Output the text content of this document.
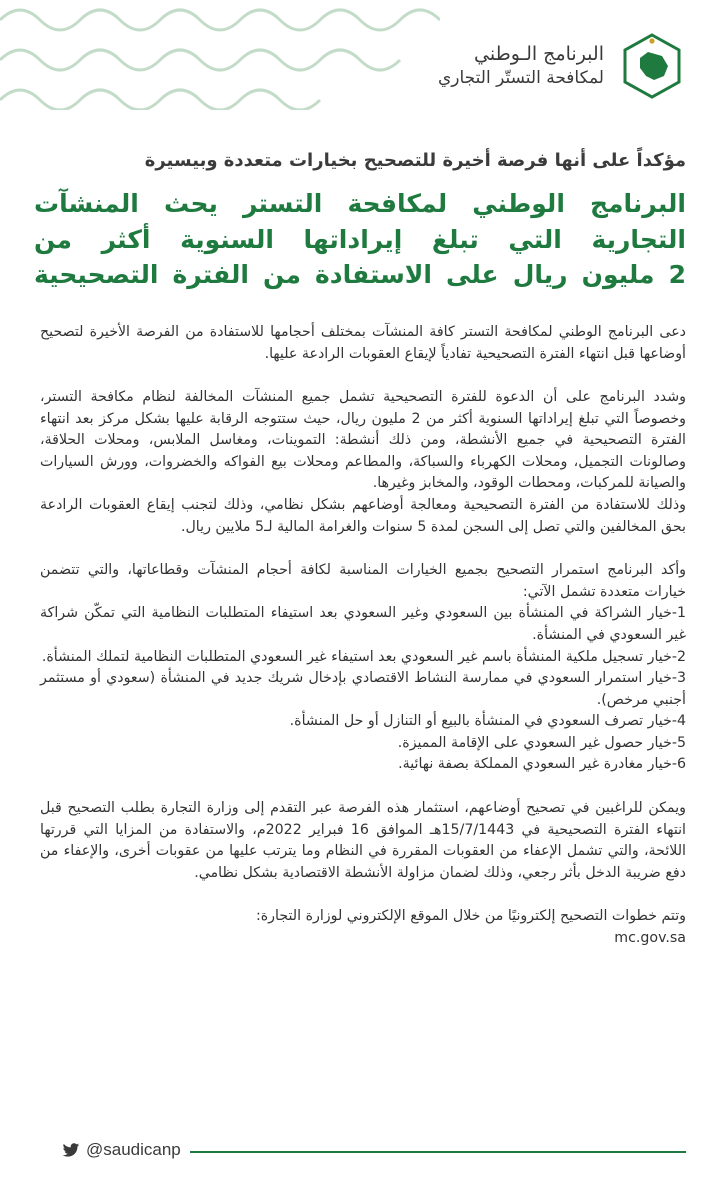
البرنامج الـوطني
لمكافحة التستّر التجاري
مؤكداً على أنها فرصة أخيرة للتصحيح بخيارات متعددة وبيسيرة
البرنامج الوطني لمكافحة التستر يحث المنشآت
التجارية التي تبلغ إيراداتها السنوية أكثر من
2 مليون ريال على الاستفادة من الفترة التصحيحية

دعى البرنامج الوطني لمكافحة التستر كافة المنشآت بمختلف أحجامها للاستفادة من الفرصة الأخيرة لتصحيح أوضاعها قبل انتهاء الفترة التصحيحية تفادياً لإيقاع العقوبات الرادعة عليها.

وشدد البرنامج على أن الدعوة للفترة التصحيحية تشمل جميع المنشآت المخالفة لنظام مكافحة التستر، وخصوصاً التي تبلغ إيراداتها السنوية أكثر من 2 مليون ريال، حيث ستتوجه الرقابة عليها بشكل مركز بعد انتهاء الفترة التصحيحية في جميع الأنشطة، ومن ذلك أنشطة: التموينات، ومغاسل الملابس، ومحلات الحلاقة، وصالونات التجميل، ومحلات الكهرباء والسباكة، والمطاعم ومحلات بيع الفواكه والخضروات، وورش السيارات والصيانة للمركبات، ومحطات الوقود، والمخابز وغيرها.

وذلك للاستفادة من الفترة التصحيحية ومعالجة أوضاعهم بشكل نظامي، وذلك لتجنب إيقاع العقوبات الرادعة بحق المخالفين والتي تصل إلى السجن لمدة 5 سنوات والغرامة المالية لـ5 ملايين ريال.

وأكد البرنامج استمرار التصحيح بجميع الخيارات المناسبة لكافة أحجام المنشآت وقطاعاتها، والتي تتضمن خيارات متعددة تشمل الآتي:

1-خيار الشراكة في المنشأة بين السعودي وغير السعودي بعد استيفاء المتطلبات النظامية التي تمكّن شراكة غير السعودي في المنشأة.
2-خيار تسجيل ملكية المنشأة باسم غير السعودي بعد استيفاء غير السعودي المتطلبات النظامية لتملك المنشأة.
3-خيار استمرار السعودي في ممارسة النشاط الاقتصادي بإدخال شريك جديد في المنشأة (سعودي أو مستثمر أجنبي مرخص).
4-خيار تصرف السعودي في المنشأة بالبيع أو التنازل أو حل المنشأة.
5-خيار حصول غير السعودي على الإقامة المميزة.
6-خيار مغادرة غير السعودي المملكة بصفة نهائية.

ويمكن للراغبين في تصحيح أوضاعهم، استثمار هذه الفرصة عبر التقدم إلى وزارة التجارة بطلب التصحيح قبل انتهاء الفترة التصحيحية في 15/7/1443هـ الموافق 16 فبراير 2022م، والاستفادة من المزايا التي قررتها اللائحة، والتي تشمل الإعفاء من العقوبات المقررة في النظام وما يترتب عليها من عقوبات أخرى، والإعفاء من دفع ضريبة الدخل بأثر رجعي، وذلك لضمان مزاولة الأنشطة الاقتصادية بشكل نظامي.

وتتم خطوات التصحيح إلكترونيًا من خلال الموقع الإلكتروني لوزارة التجارة:

mc.gov.sa
@saudicanp
